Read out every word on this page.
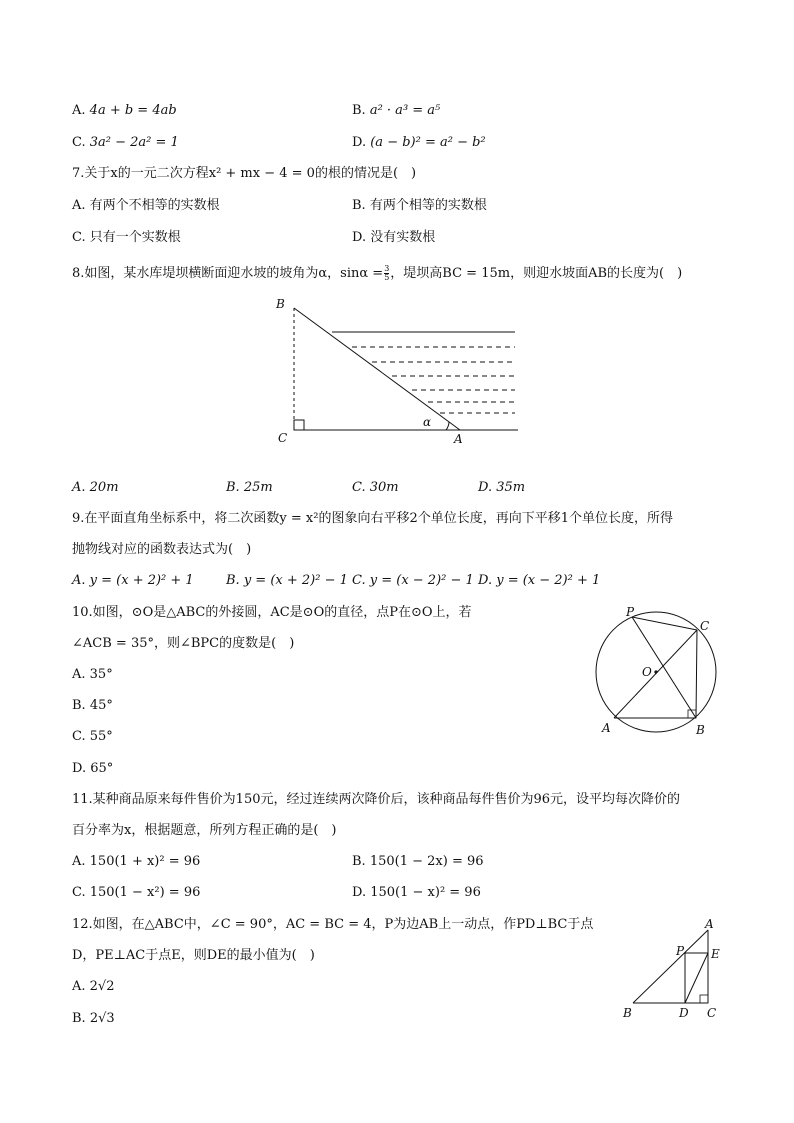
A. 4a + b = 4ab	B. a² · a³ = a⁵
C. 3a² − 2a² = 1	D. (a − b)² = a² − b²
7.关于x的一元二次方程x² + mx − 4 = 0的根的情况是(　)
A. 有两个不相等的实数根	B. 有两个相等的实数根
C. 只有一个实数根	D. 没有实数根
8.如图，某水库堤坝横断面迎水坡的坡角为α，$\sin\alpha = \frac{3}{5}$ ，堤坝高BC = 15m，则迎水坡面AB的长度为(　)
B
C	A
α
A. 20m	B. 25m	C. 30m	D. 35m
9.在平面直角坐标系中，将二次函数y = x²的图象向右平移2个单位长度，再向下平移1个单位长度，所得
抛物线对应的函数表达式为(　)
A. y = (x + 2)² + 1 B. y = (x + 2)² − 1 C. y = (x − 2)² − 1 D. y = (x − 2)² + 1
10.如图，⊙O是△ABC的外接圆，AC是⊙O的直径，点P在⊙O上，若
∠ACB = 35°，则∠BPC的度数是(　)
A. 35°
B. 45°
C. 55°
D. 65°
P
C
O
A	B
11.某种商品原来每件售价为150元，经过连续两次降价后，该种商品每件售价为96元，设平均每次降价的
百分率为x，根据题意，所列方程正确的是(　)
A. 150(1 + x)² = 96	B. 150(1 − 2x) = 96
C. 150(1 − x²) = 96	D. 150(1 − x)² = 96
12.如图，在△ABC中，∠C = 90°，AC = BC = 4，P为边AB上一动点，作PD⊥BC于点
D，PE⊥AC于点E，则DE的最小值为(　)
A. 2√2
B. 2√3
A
P E
B	D C
